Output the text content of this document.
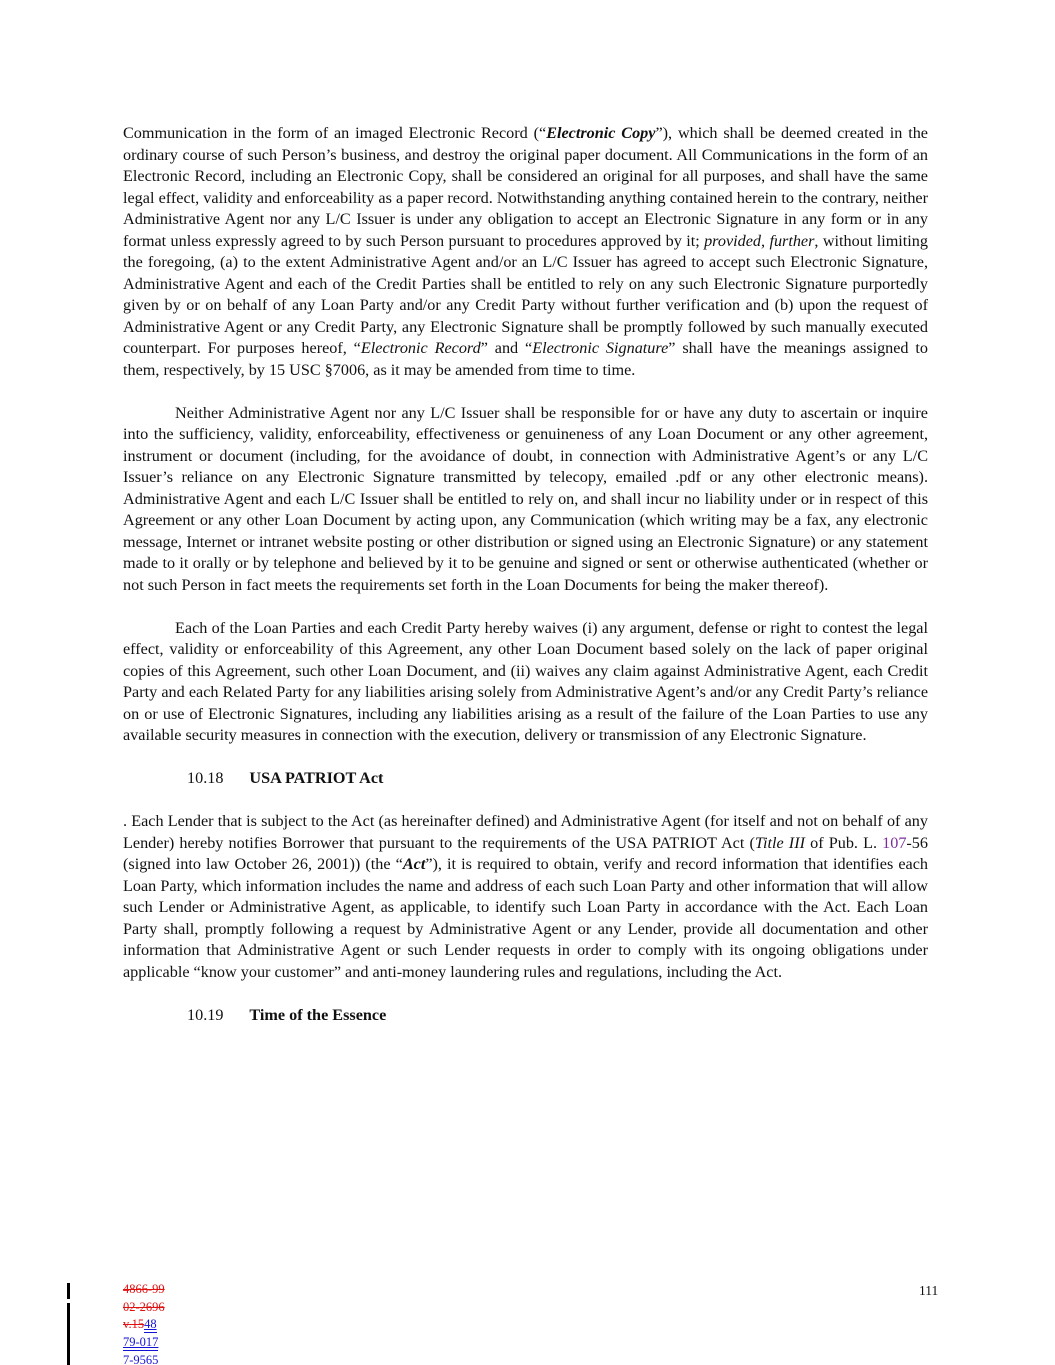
Communication in the form of an imaged Electronic Record (“Electronic Copy”), which shall be deemed created in the ordinary course of such Person’s business, and destroy the original paper document. All Communications in the form of an Electronic Record, including an Electronic Copy, shall be considered an original for all purposes, and shall have the same legal effect, validity and enforceability as a paper record. Notwithstanding anything contained herein to the contrary, neither Administrative Agent nor any L/C Issuer is under any obligation to accept an Electronic Signature in any form or in any format unless expressly agreed to by such Person pursuant to procedures approved by it; provided, further, without limiting the foregoing, (a) to the extent Administrative Agent and/or an L/C Issuer has agreed to accept such Electronic Signature, Administrative Agent and each of the Credit Parties shall be entitled to rely on any such Electronic Signature purportedly given by or on behalf of any Loan Party and/or any Credit Party without further verification and (b) upon the request of Administrative Agent or any Credit Party, any Electronic Signature shall be promptly followed by such manually executed counterpart. For purposes hereof, “Electronic Record” and “Electronic Signature” shall have the meanings assigned to them, respectively, by 15 USC §7006, as it may be amended from time to time.

Neither Administrative Agent nor any L/C Issuer shall be responsible for or have any duty to ascertain or inquire into the sufficiency, validity, enforceability, effectiveness or genuineness of any Loan Document or any other agreement, instrument or document (including, for the avoidance of doubt, in connection with Administrative Agent’s or any L/C Issuer’s reliance on any Electronic Signature transmitted by telecopy, emailed .pdf or any other electronic means). Administrative Agent and each L/C Issuer shall be entitled to rely on, and shall incur no liability under or in respect of this Agreement or any other Loan Document by acting upon, any Communication (which writing may be a fax, any electronic message, Internet or intranet website posting or other distribution or signed using an Electronic Signature) or any statement made to it orally or by telephone and believed by it to be genuine and signed or sent or otherwise authenticated (whether or not such Person in fact meets the requirements set forth in the Loan Documents for being the maker thereof).

Each of the Loan Parties and each Credit Party hereby waives (i) any argument, defense or right to contest the legal effect, validity or enforceability of this Agreement, any other Loan Document based solely on the lack of paper original copies of this Agreement, such other Loan Document, and (ii) waives any claim against Administrative Agent, each Credit Party and each Related Party for any liabilities arising solely from Administrative Agent’s and/or any Credit Party’s reliance on or use of Electronic Signatures, including any liabilities arising as a result of the failure of the Loan Parties to use any available security measures in connection with the execution, delivery or transmission of any Electronic Signature.

10.18 USA PATRIOT Act

. Each Lender that is subject to the Act (as hereinafter defined) and Administrative Agent (for itself and not on behalf of any Lender) hereby notifies Borrower that pursuant to the requirements of the USA PATRIOT Act (Title III of Pub. L. 107-56 (signed into law October 26, 2001)) (the “Act”), it is required to obtain, verify and record information that identifies each Loan Party, which information includes the name and address of each such Loan Party and other information that will allow such Lender or Administrative Agent, as applicable, to identify such Loan Party in accordance with the Act. Each Loan Party shall, promptly following a request by Administrative Agent or any Lender, provide all documentation and other information that Administrative Agent or such Lender requests in order to comply with its ongoing obligations under applicable “know your customer” and anti-money laundering rules and regulations, including the Act.

10.19 Time of the Essence

4866-99
02-2696
v.1548
79-017
7-9565
111
